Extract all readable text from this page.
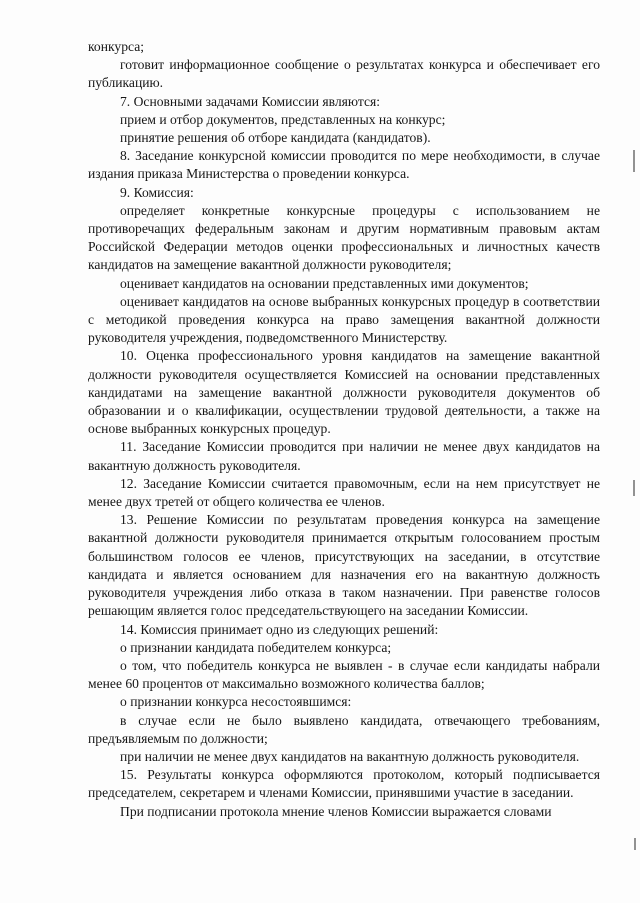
конкурса;

готовит информационное сообщение о результатах конкурса и обеспечивает его публикацию.

7. Основными задачами Комиссии являются:

прием и отбор документов, представленных на конкурс;

принятие решения об отборе кандидата (кандидатов).

8. Заседание конкурсной комиссии проводится по мере необходимости, в случае издания приказа Министерства о проведении конкурса.

9. Комиссия:

определяет конкретные конкурсные процедуры с использованием не противоречащих федеральным законам и другим нормативным правовым актам Российской Федерации методов оценки профессиональных и личностных качеств кандидатов на замещение вакантной должности руководителя;

оценивает кандидатов на основании представленных ими документов;

оценивает кандидатов на основе выбранных конкурсных процедур в соответствии с методикой проведения конкурса на право замещения вакантной должности руководителя учреждения, подведомственного Министерству.

10. Оценка профессионального уровня кандидатов на замещение вакантной должности руководителя осуществляется Комиссией на основании представленных кандидатами на замещение вакантной должности руководителя документов об образовании и о квалификации, осуществлении трудовой деятельности, а также на основе выбранных конкурсных процедур.

11. Заседание Комиссии проводится при наличии не менее двух кандидатов на вакантную должность руководителя.

12. Заседание Комиссии считается правомочным, если на нем присутствует не менее двух третей от общего количества ее членов.

13. Решение Комиссии по результатам проведения конкурса на замещение вакантной должности руководителя принимается открытым голосованием простым большинством голосов ее членов, присутствующих на заседании, в отсутствие кандидата и является основанием для назначения его на вакантную должность руководителя учреждения либо отказа в таком назначении. При равенстве голосов решающим является голос председательствующего на заседании Комиссии.

14. Комиссия принимает одно из следующих решений:

о признании кандидата победителем конкурса;

о том, что победитель конкурса не выявлен - в случае если кандидаты набрали менее 60 процентов от максимально возможного количества баллов;

о признании конкурса несостоявшимся:

в случае если не было выявлено кандидата, отвечающего требованиям, предъявляемым по должности;

при наличии не менее двух кандидатов на вакантную должность руководителя.

15. Результаты конкурса оформляются протоколом, который подписывается председателем, секретарем и членами Комиссии, принявшими участие в заседании.

При подписании протокола мнение членов Комиссии выражается словами
